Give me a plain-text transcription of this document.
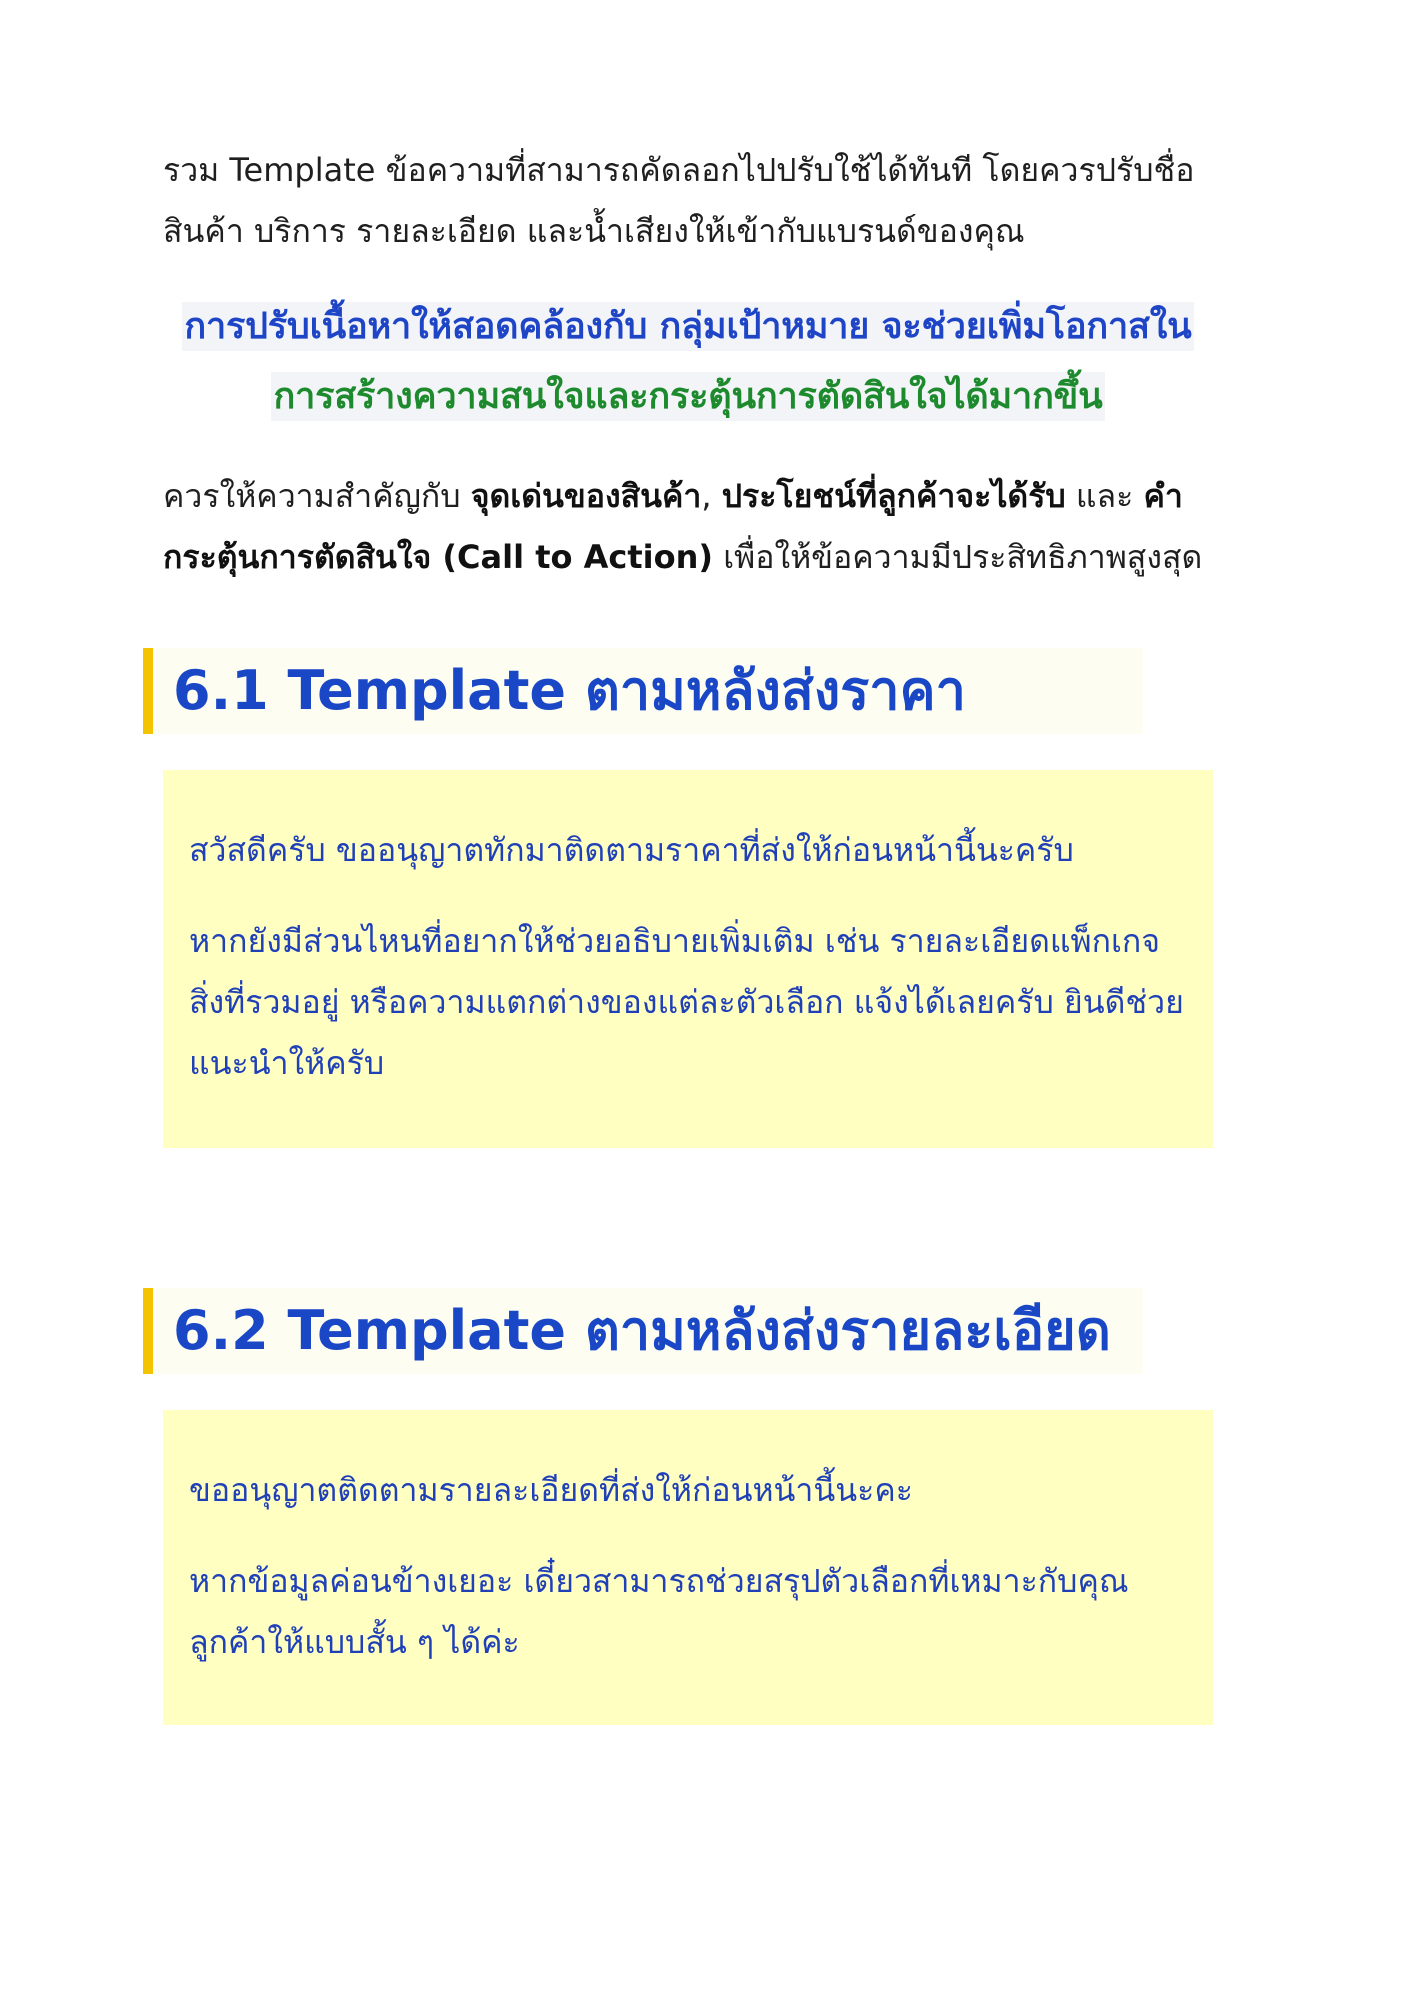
รวม Template ข้อความที่สามารถคัดลอกไปปรับใช้ได้ทันที โดยควรปรับชื่อสินค้า บริการ รายละเอียด และน้ำเสียงให้เข้ากับแบรนด์ของคุณ

การปรับเนื้อหาให้สอดคล้องกับ กลุ่มเป้าหมาย จะช่วยเพิ่มโอกาสใน
การสร้างความสนใจและกระตุ้นการตัดสินใจได้มากขึ้น

ควรให้ความสำคัญกับ จุดเด่นของสินค้า, ประโยชน์ที่ลูกค้าจะได้รับ และ คำกระตุ้นการตัดสินใจ (Call to Action) เพื่อให้ข้อความมีประสิทธิภาพสูงสุด

6.1 Template ตามหลังส่งราคา

สวัสดีครับ ขออนุญาตทักมาติดตามราคาที่ส่งให้ก่อนหน้านี้นะครับ

หากยังมีส่วนไหนที่อยากให้ช่วยอธิบายเพิ่มเติม เช่น รายละเอียดแพ็กเกจ สิ่งที่รวมอยู่ หรือความแตกต่างของแต่ละตัวเลือก แจ้งได้เลยครับ ยินดีช่วยแนะนำให้ครับ

6.2 Template ตามหลังส่งรายละเอียด

ขออนุญาตติดตามรายละเอียดที่ส่งให้ก่อนหน้านี้นะคะ

หากข้อมูลค่อนข้างเยอะ เดี๋ยวสามารถช่วยสรุปตัวเลือกที่เหมาะกับคุณลูกค้าให้แบบสั้น ๆ ได้ค่ะ
